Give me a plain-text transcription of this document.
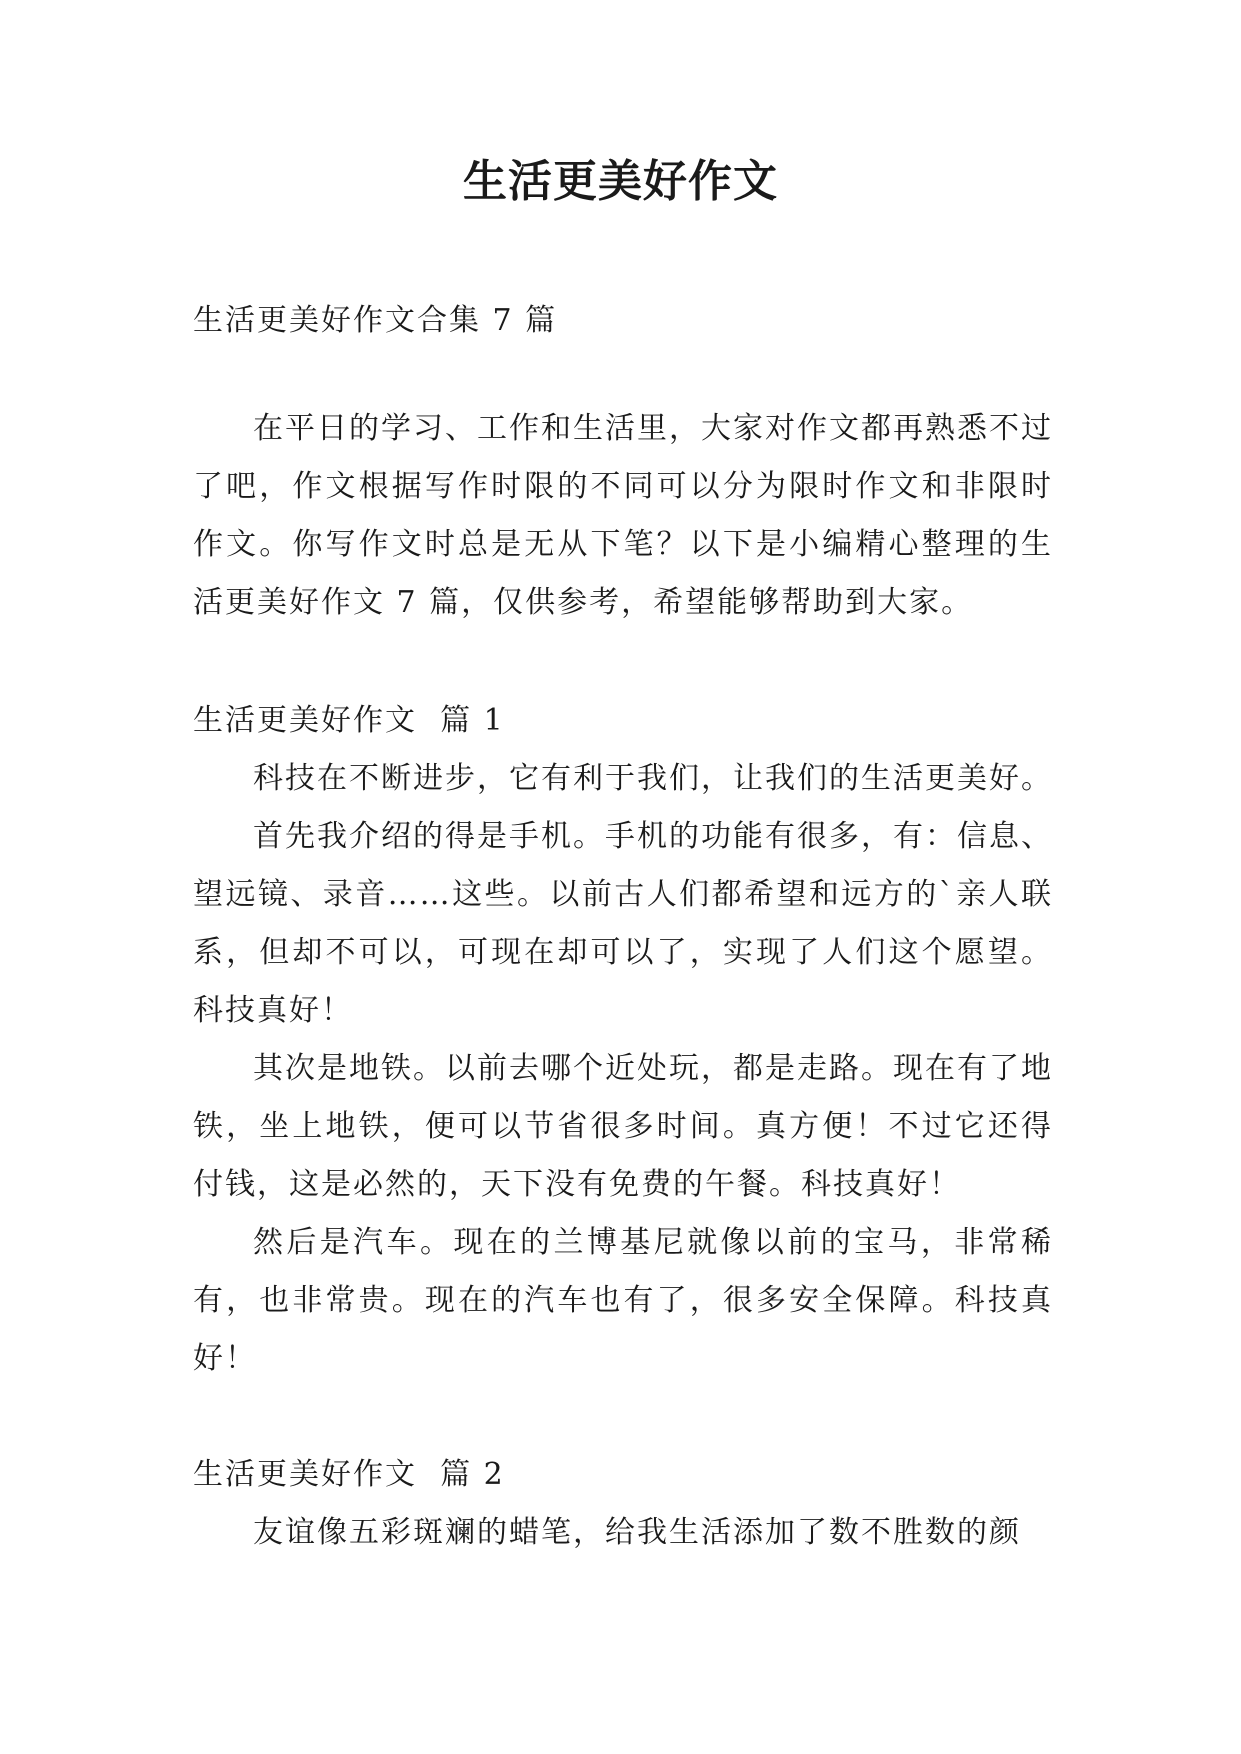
生活更美好作文

生活更美好作文合集 7 篇

在平日的学习、工作和生活里，大家对作文都再熟悉不过了吧，作文根据写作时限的不同可以分为限时作文和非限时作文。你写作文时总是无从下笔？以下是小编精心整理的生活更美好作文 7 篇，仅供参考，希望能够帮助到大家。

生活更美好作文  篇 1

科技在不断进步，它有利于我们，让我们的生活更美好。

首先我介绍的得是手机。手机的功能有很多，有：信息、望远镜、录音……这些。以前古人们都希望和远方的`亲人联系，但却不可以，可现在却可以了，实现了人们这个愿望。科技真好！

其次是地铁。以前去哪个近处玩，都是走路。现在有了地铁，坐上地铁，便可以节省很多时间。真方便！不过它还得付钱，这是必然的，天下没有免费的午餐。科技真好！

然后是汽车。现在的兰博基尼就像以前的宝马，非常稀有，也非常贵。现在的汽车也有了，很多安全保障。科技真好！

生活更美好作文  篇 2

友谊像五彩斑斓的蜡笔，给我生活添加了数不胜数的颜
